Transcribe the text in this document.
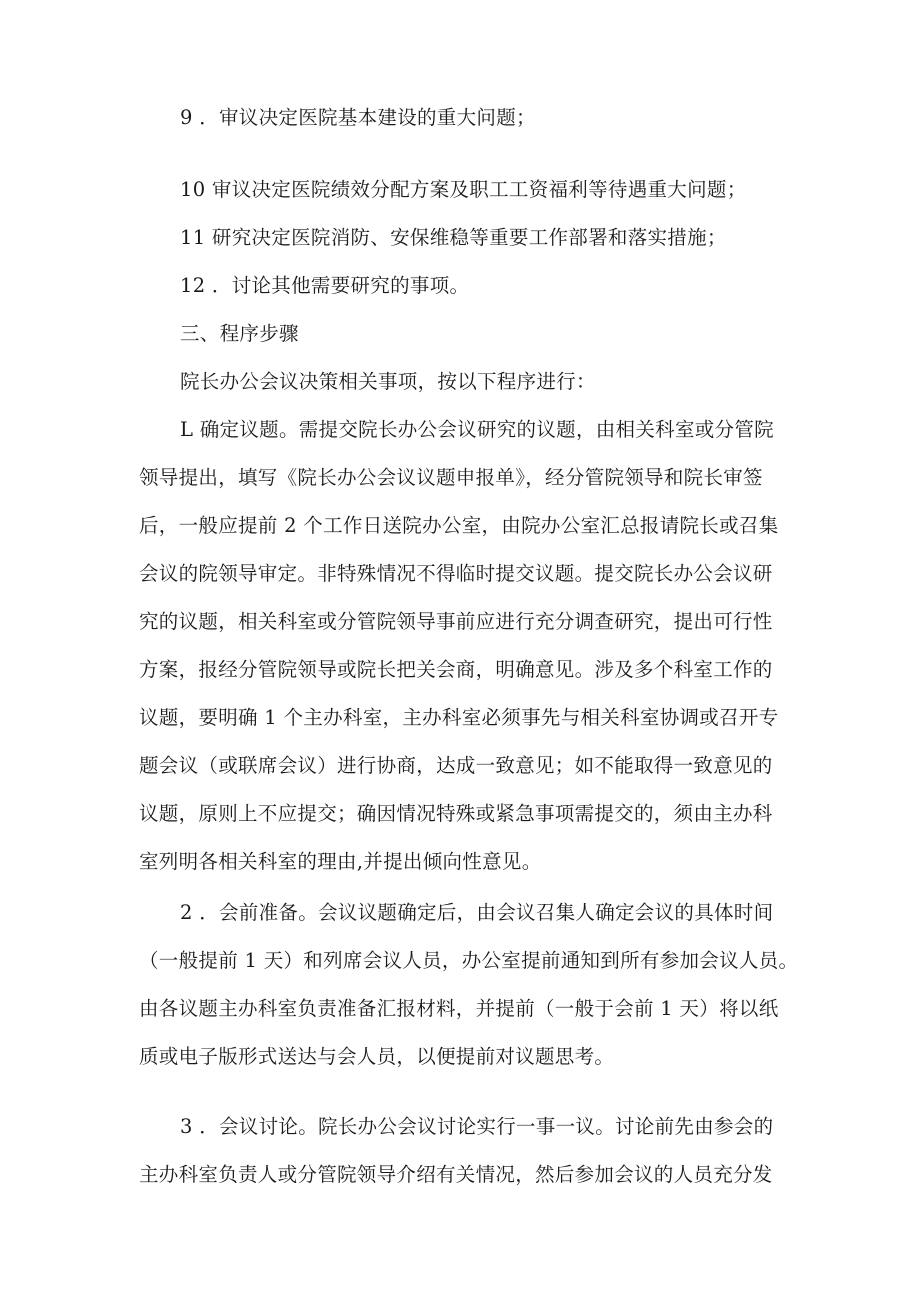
9 ．审议决定医院基本建设的重大问题；
10 审议决定医院绩效分配方案及职工工资福利等待遇重大问题；
11 研究决定医院消防、安保维稳等重要工作部署和落实措施；
12 ．讨论其他需要研究的事项。
三、程序步骤
院长办公会议决策相关事项，按以下程序进行：
L 确定议题。需提交院长办公会议研究的议题，由相关科室或分管院
领导提出，填写《院长办公会议议题申报单》，经分管院领导和院长审签
后，一般应提前 2 个工作日送院办公室，由院办公室汇总报请院长或召集
会议的院领导审定。非特殊情况不得临时提交议题。提交院长办公会议研
究的议题，相关科室或分管院领导事前应进行充分调查研究，提出可行性
方案，报经分管院领导或院长把关会商，明确意见。涉及多个科室工作的
议题，要明确 1 个主办科室，主办科室必须事先与相关科室协调或召开专
题会议（或联席会议）进行协商，达成一致意见；如不能取得一致意见的
议题，原则上不应提交；确因情况特殊或紧急事项需提交的，须由主办科
室列明各相关科室的理由,并提出倾向性意见。
2 ．会前准备。会议议题确定后，由会议召集人确定会议的具体时间
（一般提前 1 天）和列席会议人员，办公室提前通知到所有参加会议人员。
由各议题主办科室负责准备汇报材料，并提前（一般于会前 1 天）将以纸
质或电子版形式送达与会人员，以便提前对议题思考。
3 ．会议讨论。院长办公会议讨论实行一事一议。讨论前先由参会的
主办科室负责人或分管院领导介绍有关情况，然后参加会议的人员充分发
